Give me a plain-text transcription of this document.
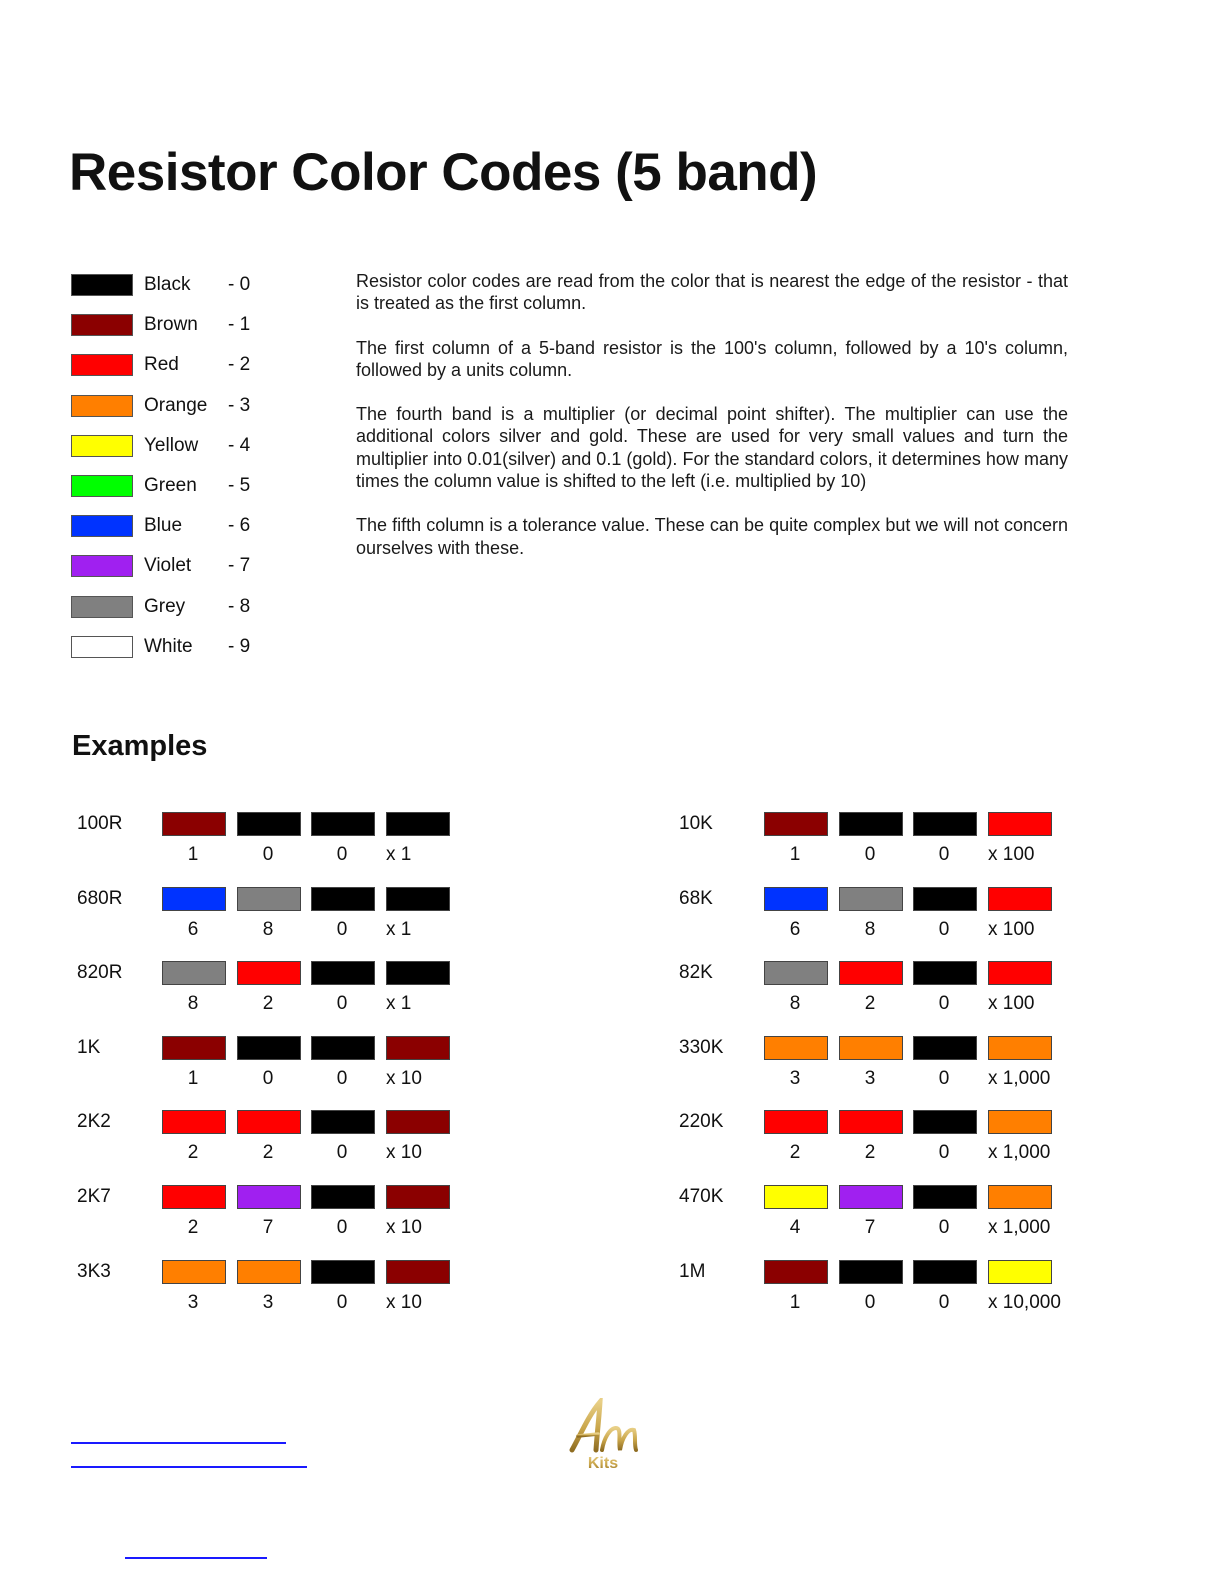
Resistor Color Codes (5 band)
Black - 0
Brown - 1
Red	- 2
Orange - 3
Yellow - 4
Green - 5
Blue - 6
Violet - 7
Grey - 8
White - 9

Resistor color codes are read from the color that is nearest the edge of the resistor - that is treated as the first column.

The first column of a 5-band resistor is the 100's column, followed by a 10's column, followed by a units column.

The fourth band is a multiplier (or decimal point shifter). The multiplier can use the additional colors silver and gold. These are used for very small values and turn the multiplier into 0.01(silver) and 0.1 (gold). For the standard colors, it determines how many times the column value is shifted to the left (i.e. multiplied by 10)

The fifth column is a tolerance value. These can be quite complex but we will not concern ourselves with these.

Examples
100R
1	0	0	x 1
680R
6	8	0	x 1
820R
8	2	0	x 1
1K
1	0	0	x 10
2K2
2	2	0	x 10
2K7
2	7	0	x 10
3K3
3	3	0	x 10
10K
1	0	0	x 100
68K
6	8	0	x 100
82K
8	2	0	x 100
330K
3	3	0	x 1,000
220K
2	2	0	x 1,000
470K
4	7	0	x 1,000
1M
1	0	0	x 10,000
Kits
